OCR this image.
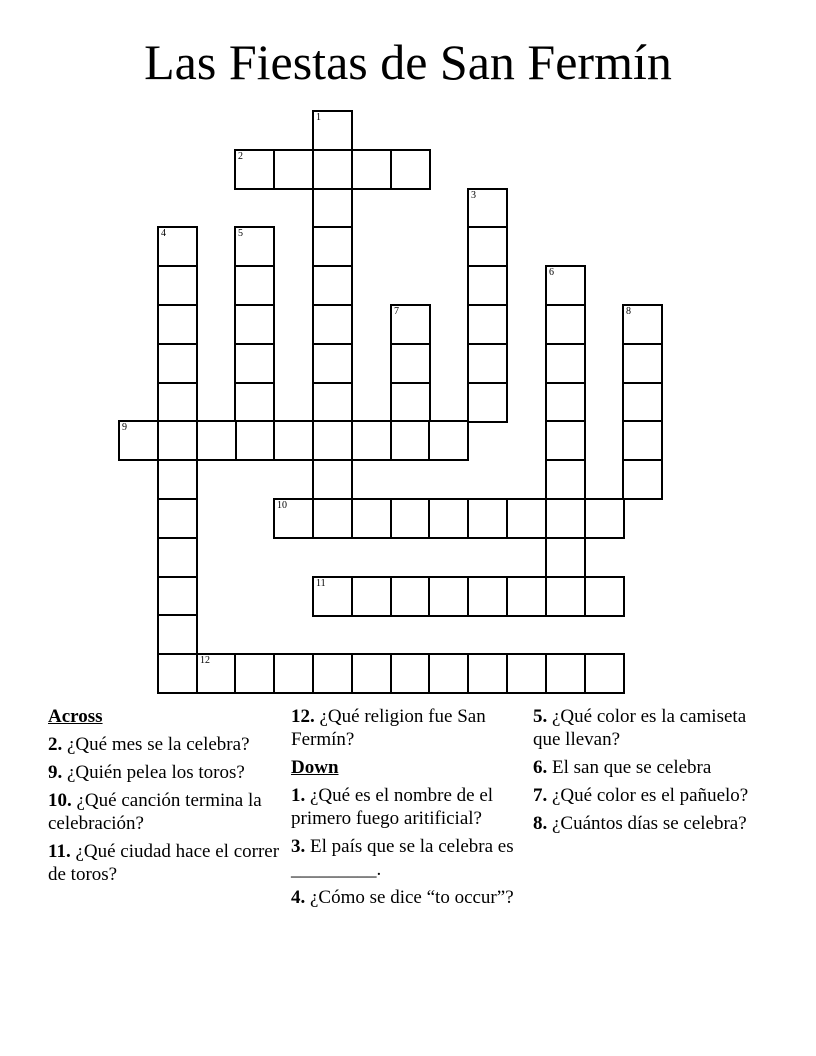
Las Fiestas de San Fermín
1
2
3
4	5
6
7	8
9
10
11
12
Across
2. ¿Qué mes se la celebra?
9. ¿Quién pelea los toros?
10. ¿Qué canción termina la celebración?
11. ¿Qué ciudad hace el correr de toros?
12. ¿Qué religion fue San Fermín?
Down
1. ¿Qué es el nombre de el primero fuego aritificial?
3. El país que se la celebra es _________.
4. ¿Cómo se dice “to occur”?
5. ¿Qué color es la camiseta que llevan?
6. El san que se celebra
7. ¿Qué color es el pañuelo?
8. ¿Cuántos días se celebra?
